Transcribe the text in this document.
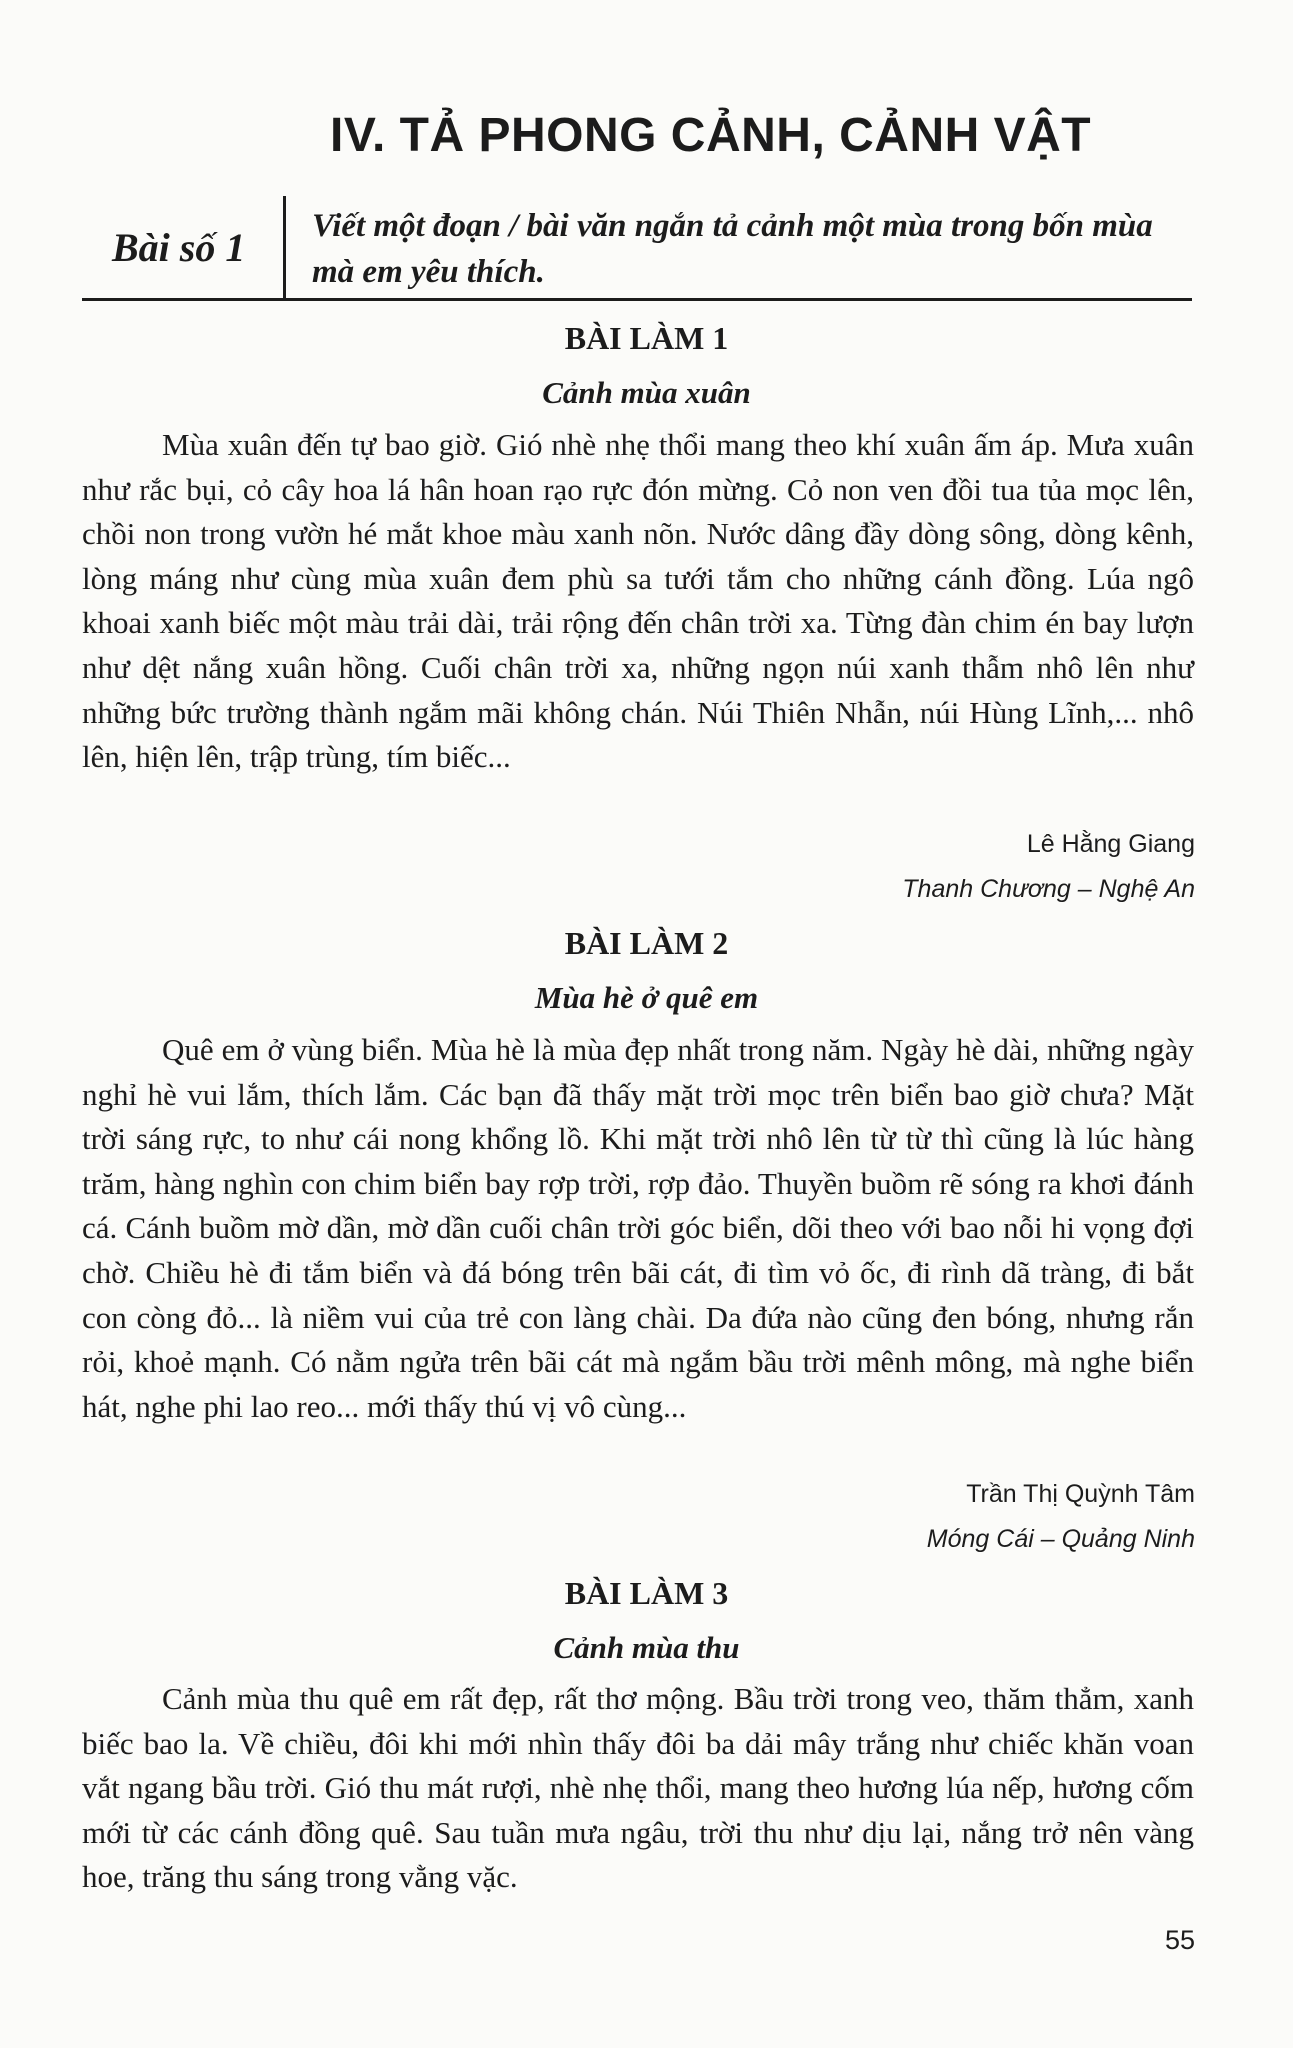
IV. TẢ PHONG CẢNH, CẢNH VẬT
Bài số 1 Viết một đoạn / bài văn ngắn tả cảnh một mùa trong bốn mùa mà em yêu thích.
BÀI LÀM 1
Cảnh mùa xuân

Mùa xuân đến tự bao giờ. Gió nhè nhẹ thổi mang theo khí xuân ấm áp. Mưa xuân như rắc bụi, cỏ cây hoa lá hân hoan rạo rực đón mừng. Cỏ non ven đồi tua tủa mọc lên, chồi non trong vườn hé mắt khoe màu xanh nõn. Nước dâng đầy dòng sông, dòng kênh, lòng máng như cùng mùa xuân đem phù sa tưới tắm cho những cánh đồng. Lúa ngô khoai xanh biếc một màu trải dài, trải rộng đến chân trời xa. Từng đàn chim én bay lượn như dệt nắng xuân hồng. Cuối chân trời xa, những ngọn núi xanh thẫm nhô lên như những bức trường thành ngắm mãi không chán. Núi Thiên Nhẫn, núi Hùng Lĩnh,... nhô lên, hiện lên, trập trùng, tím biếc...

Lê Hằng Giang
Thanh Chương – Nghệ An
BÀI LÀM 2
Mùa hè ở quê em

Quê em ở vùng biển. Mùa hè là mùa đẹp nhất trong năm. Ngày hè dài, những ngày nghỉ hè vui lắm, thích lắm. Các bạn đã thấy mặt trời mọc trên biển bao giờ chưa? Mặt trời sáng rực, to như cái nong khổng lồ. Khi mặt trời nhô lên từ từ thì cũng là lúc hàng trăm, hàng nghìn con chim biển bay rợp trời, rợp đảo. Thuyền buồm rẽ sóng ra khơi đánh cá. Cánh buồm mờ dần, mờ dần cuối chân trời góc biển, dõi theo với bao nỗi hi vọng đợi chờ. Chiều hè đi tắm biển và đá bóng trên bãi cát, đi tìm vỏ ốc, đi rình dã tràng, đi bắt con còng đỏ... là niềm vui của trẻ con làng chài. Da đứa nào cũng đen bóng, nhưng rắn rỏi, khoẻ mạnh. Có nằm ngửa trên bãi cát mà ngắm bầu trời mênh mông, mà nghe biển hát, nghe phi lao reo... mới thấy thú vị vô cùng...

Trần Thị Quỳnh Tâm
Móng Cái – Quảng Ninh
BÀI LÀM 3
Cảnh mùa thu

Cảnh mùa thu quê em rất đẹp, rất thơ mộng. Bầu trời trong veo, thăm thẳm, xanh biếc bao la. Về chiều, đôi khi mới nhìn thấy đôi ba dải mây trắng như chiếc khăn voan vắt ngang bầu trời. Gió thu mát rượi, nhè nhẹ thổi, mang theo hương lúa nếp, hương cốm mới từ các cánh đồng quê. Sau tuần mưa ngâu, trời thu như dịu lại, nắng trở nên vàng hoe, trăng thu sáng trong vằng vặc.

55
